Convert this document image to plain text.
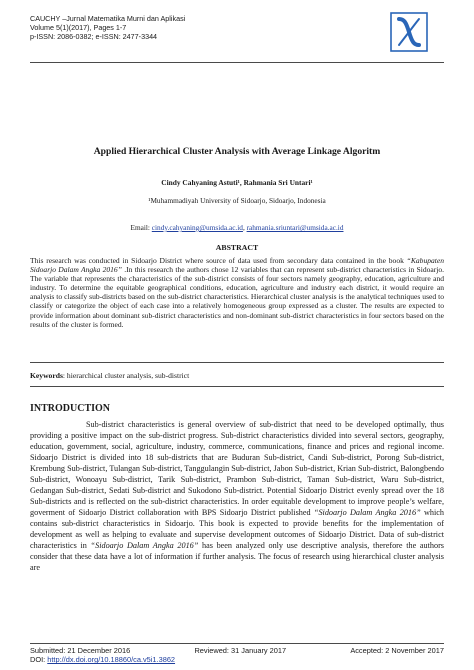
CAUCHY –Jurnal Matematika Murni dan Aplikasi
Volume 5(1)(2017), Pages 1-7
p-ISSN: 2086-0382; e-ISSN: 2477-3344
Applied Hierarchical Cluster Analysis with Average Linkage Algoritm
Cindy Cahyaning Astuti¹, Rahmania Sri Untari¹
¹Muhammadiyah University of Sidoarjo, Sidoarjo, Indonesia
Email: cindy.cahyaning@umsida.ac.id, rahmania.sriuntari@umsida.ac.id
ABSTRACT
This research was conducted in Sidoarjo District where source of data used from secondary data contained in the book “Kabupaten Sidoarjo Dalam Angka 2016” .In this research the authors chose 12 variables that can represent sub-district characteristics in Sidoarjo. The variable that represents the characteristics of the sub-district consists of four sectors namely geography, education, agriculture and industry. To determine the equitable geographical conditions, education, agriculture and industry each district, it would require an analysis to classify sub-districts based on the sub-district characteristics. Hierarchical cluster analysis is the analytical techniques used to classify or categorize the object of each case into a relatively homogeneous group expressed as a cluster. The results are expected to provide information about dominant sub-district characteristics and non-dominant sub-district characteristics in four sectors based on the results of the cluster is formed.
Keywords: hierarchical cluster analysis, sub-district
INTRODUCTION

Sub-district characteristics is general overview of sub-district that need to be developed optimally, thus providing a positive impact on the sub-district progress. Sub-district characteristics divided into several sectors, geography, education, government, social, agriculture, industry, commerce, communications, finance and prices and regional income. Sidoarjo District is divided into 18 sub-districts that are Buduran Sub-district, Candi Sub-district, Porong Sub-district, Krembung Sub-district, Tulangan Sub-district, Tanggulangin Sub-district, Jabon Sub-district, Krian Sub-district, Balongbendo Sub-district, Wonoayu Sub-district, Tarik Sub-district, Prambon Sub-district, Taman Sub-district, Waru Sub-district, Gedangan Sub-district, Sedati Sub-district and Sukodono Sub-district. Potential Sidoarjo District evenly spread over the 18 Sub-districts and is reflected on the sub-district characteristics. In order equitable development to improve people’s welfare, goverment of Sidoarjo District collaboration with BPS Sidoarjo District published “Sidoarjo Dalam Angka 2016” which contains sub-district characteristics in Sidoarjo. This book is expected to provide benefits for the implementation of development as well as helping to evaluate and supervise development outcomes of Sidoarjo District. Data of sub-district characteristics in “Sidoarjo Dalam Angka 2016” has been analyzed only use descriptive analysis, therefore the authors consider that these data have a lot of information if further analysis. The focus of research using hierarchical cluster analysis are

Submitted: 21 December 2016	Reviewed: 31 January 2017	Accepted: 2 November 2017
DOI: http://dx.doi.org/10.18860/ca.v5i1.3862
